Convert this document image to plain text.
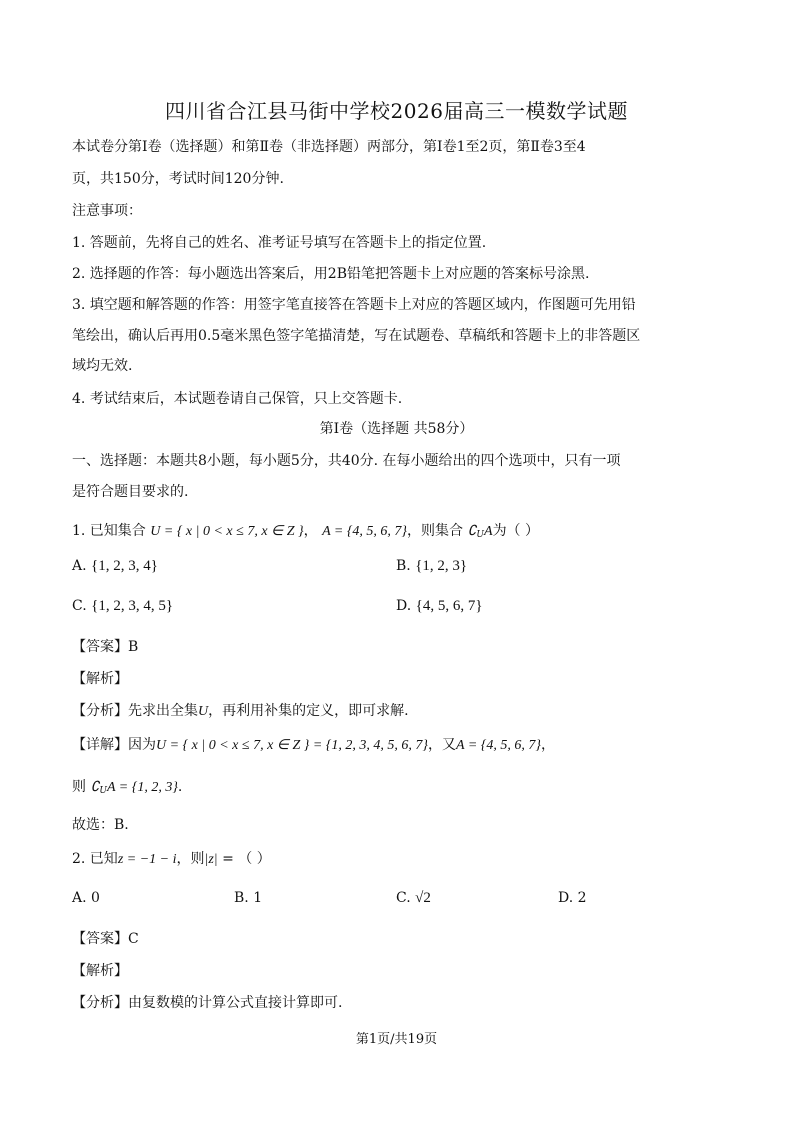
四川省合江县马街中学校2026届高三一模数学试题
本试卷分第Ⅰ卷（选择题）和第Ⅱ卷（非选择题）两部分，第Ⅰ卷1至2页，第Ⅱ卷3至4
页，共150分，考试时间120分钟.
注意事项：
1. 答题前，先将自己的姓名、准考证号填写在答题卡上的指定位置.
2. 选择题的作答：每小题选出答案后，用2B铅笔把答题卡上对应题的答案标号涂黑.
3. 填空题和解答题的作答：用签字笔直接答在答题卡上对应的答题区域内，作图题可先用铅
笔绘出，确认后再用0.5毫米黑色签字笔描清楚，写在试题卷、草稿纸和答题卡上的非答题区
域均无效.
4. 考试结束后，本试题卷请自己保管，只上交答题卡.
第Ⅰ卷（选择题 共58分）
一、选择题：本题共8小题，每小题5分，共40分. 在每小题给出的四个选项中，只有一项
是符合题目要求的.
1. 已知集合 U = { x | 0 < x ≤ 7, x ∈ Z }， A = {4, 5, 6, 7}，则集合 $∁_UA$为（ ）
A. {1, 2, 3, 4}	B. {1, 2, 3}
C. {1, 2, 3, 4, 5}	D. {4, 5, 6, 7}
【答案】B
【解析】
【分析】先求出全集U，再利用补集的定义，即可求解.
【详解】因为U = { x | 0 < x ≤ 7, x ∈ Z } = {1, 2, 3, 4, 5, 6, 7}，又A = {4, 5, 6, 7}，
则 $∁_UA = \{1$, 2, 3}.
故选：B.
2. 已知z = −1 − i，则|z| = （ ）
A. 0	B. 1	C. √2	D. 2
【答案】C
【解析】
【分析】由复数模的计算公式直接计算即可.
第1页/共19页
